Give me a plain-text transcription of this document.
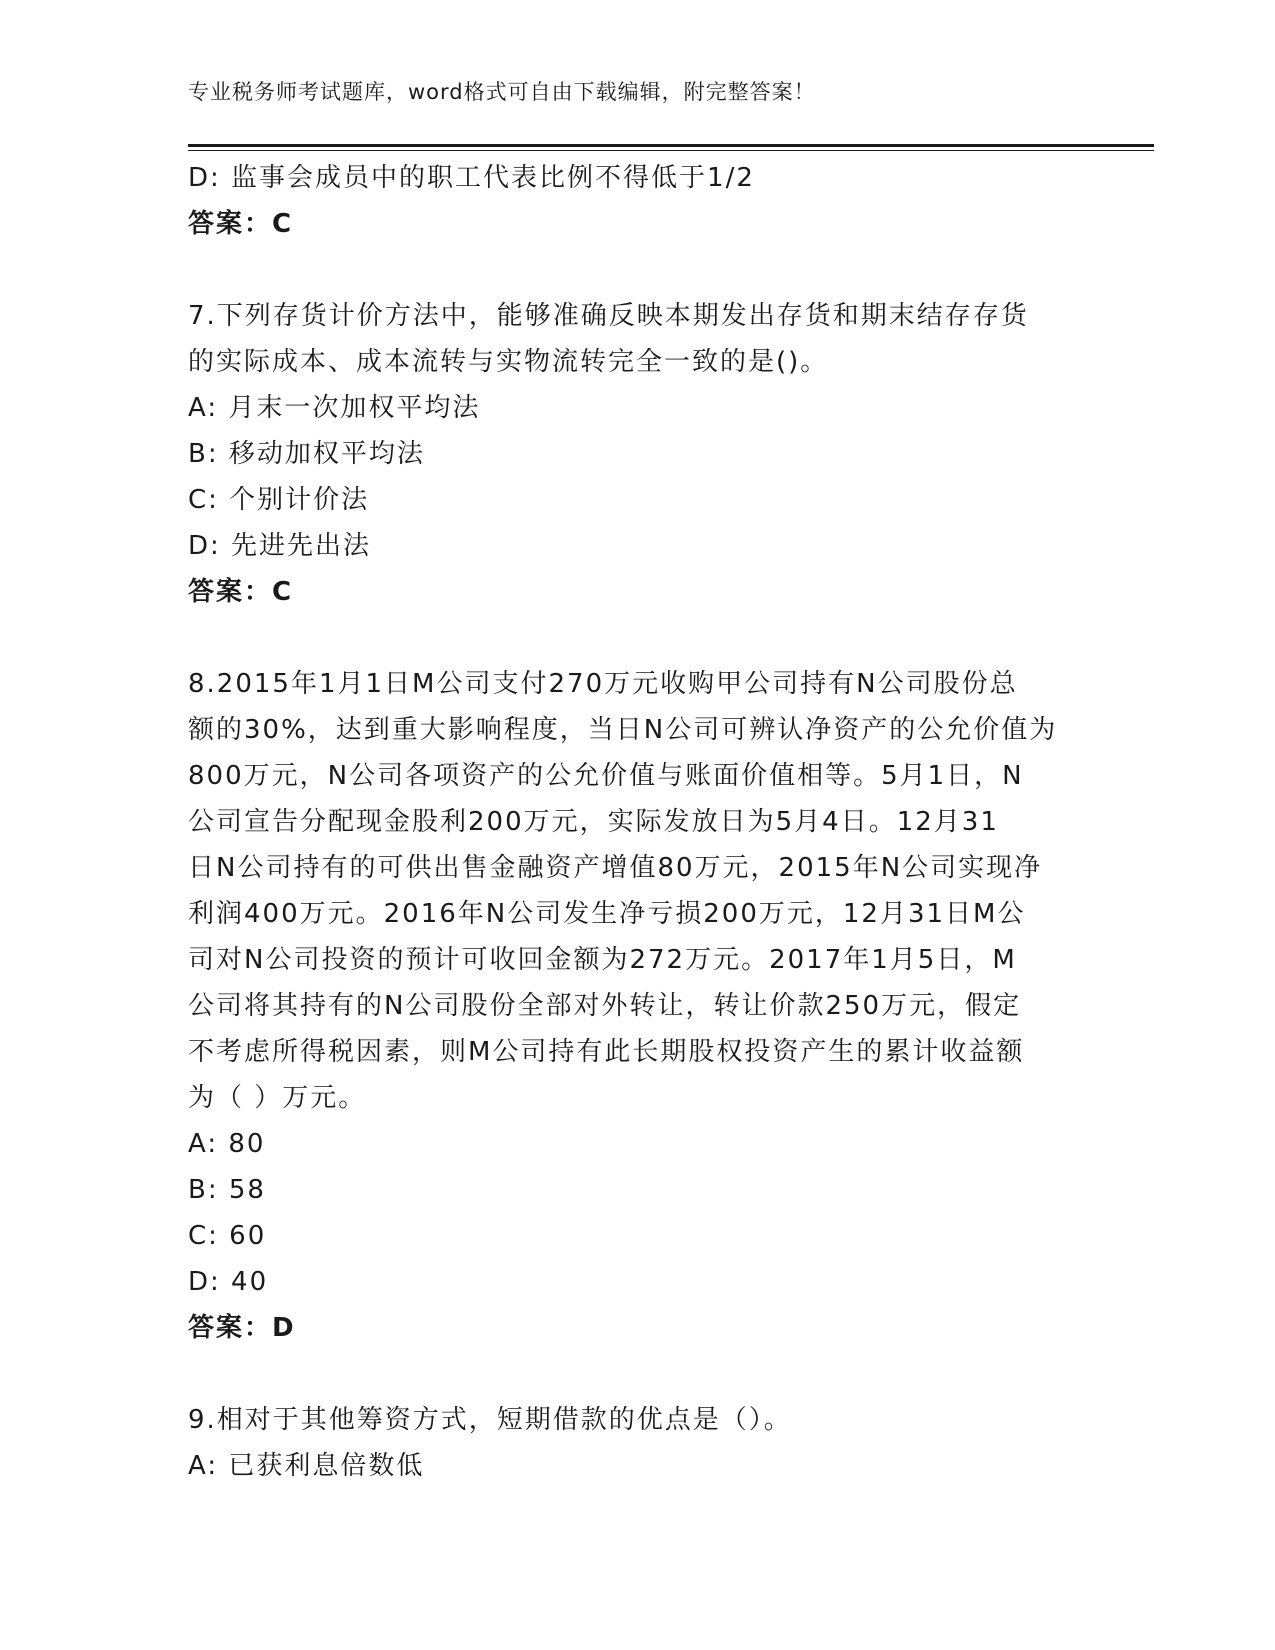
专业税务师考试题库，word格式可自由下载编辑，附完整答案！
D: 监事会成员中的职工代表比例不得低于1/2
答案：C
7.下列存货计价方法中，能够准确反映本期发出存货和期末结存存货
的实际成本、成本流转与实物流转完全一致的是()。
A: 月末一次加权平均法
B: 移动加权平均法
C: 个别计价法
D: 先进先出法
答案：C
8.2015年1月1日M公司支付270万元收购甲公司持有N公司股份总
额的30%，达到重大影响程度，当日N公司可辨认净资产的公允价值为
800万元，N公司各项资产的公允价值与账面价值相等。5月1日，N
公司宣告分配现金股利200万元，实际发放日为5月4日。12月31
日N公司持有的可供出售金融资产增值80万元，2015年N公司实现净
利润400万元。2016年N公司发生净亏损200万元，12月31日M公
司对N公司投资的预计可收回金额为272万元。2017年1月5日，M
公司将其持有的N公司股份全部对外转让，转让价款250万元，假定
不考虑所得税因素，则M公司持有此长期股权投资产生的累计收益额
为（ ）万元。
A: 80
B: 58
C: 60
D: 40
答案：D
9.相对于其他筹资方式，短期借款的优点是（）。
A: 已获利息倍数低
